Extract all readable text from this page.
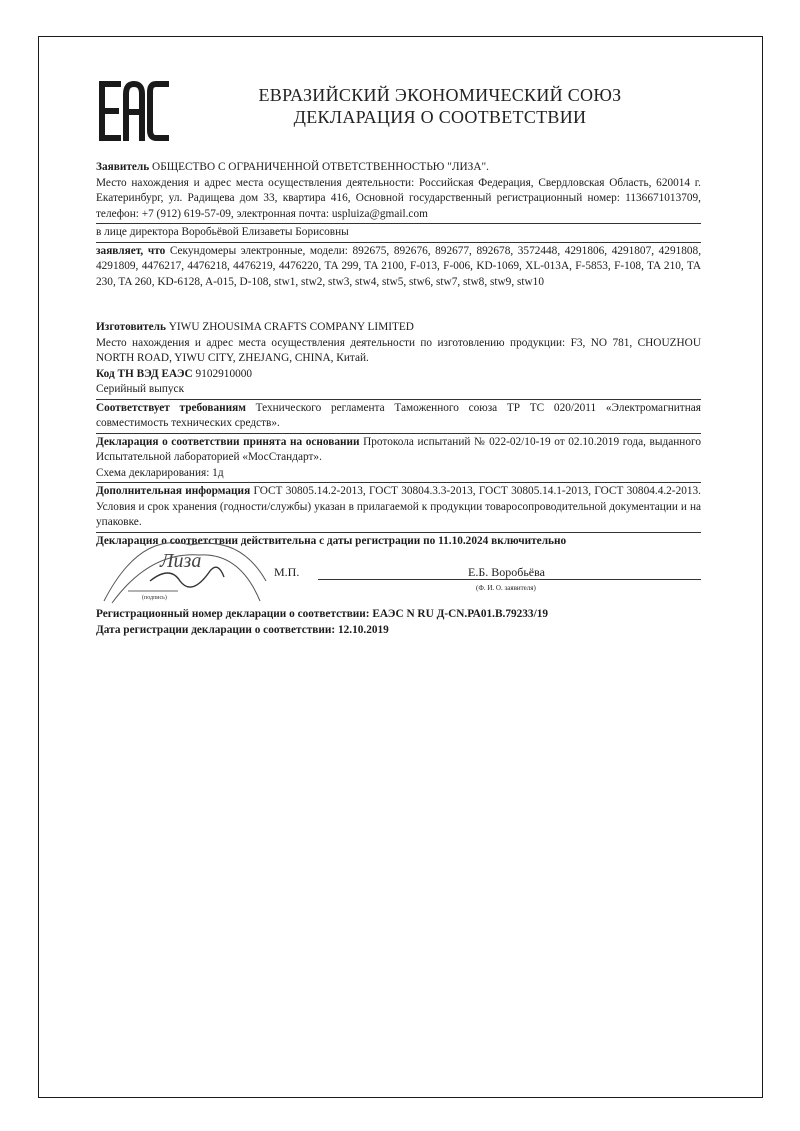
ЕВРАЗИЙСКИЙ ЭКОНОМИЧЕСКИЙ СОЮЗ
ДЕКЛАРАЦИЯ О СООТВЕТСТВИИ

Заявитель ОБЩЕСТВО С ОГРАНИЧЕННОЙ ОТВЕТСТВЕННОСТЬЮ "ЛИЗА".

Место нахождения и адрес места осуществления деятельности: Российская Федерация, Свердловская Область, 620014 г. Екатеринбург, ул. Радищева дом 33, квартира 416, Основной государственный регистрационный номер: 1136671013709, телефон: +7 (912) 619-57-09, электронная почта: uspluiza@gmail.com

в лице директора Воробьёвой Елизаветы Борисовны

заявляет, что Секундомеры электронные, модели: 892675, 892676, 892677, 892678, 3572448, 4291806, 4291807, 4291808, 4291809, 4476217, 4476218, 4476219, 4476220, TA 299, TA 2100, F-013, F-006, KD-1069, XL-013A, F-5853, F-108, TA 210, TA 230, TA 260, KD-6128, A-015, D-108, stw1, stw2, stw3, stw4, stw5, stw6, stw7, stw8, stw9, stw10

Изготовитель YIWU ZHOUSIMA CRAFTS COMPANY LIMITED

Место нахождения и адрес места осуществления деятельности по изготовлению продукции: F3, NO 781, CHOUZHOU NORTH ROAD, YIWU CITY, ZHEJANG, CHINA, Китай.

Код ТН ВЭД ЕАЭС 9102910000

Серийный выпуск

Соответствует требованиям Технического регламента Таможенного союза ТР ТС 020/2011 «Электромагнитная совместимость технических средств».

Декларация о соответствии принята на основании Протокола испытаний № 022-02/10-19 от 02.10.2019 года, выданного Испытательной лабораторией «МосСтандарт».

Схема декларирования: 1д

Дополнительная информация ГОСТ 30805.14.2-2013, ГОСТ 30804.3.3-2013, ГОСТ 30805.14.1-2013, ГОСТ 30804.4.2-2013. Условия и срок хранения (годности/службы) указан в прилагаемой к продукции товаросопроводительной документации и на упаковке.

Декларация о соответствии действительна с даты регистрации по 11.10.2024 включительно

Лиза
(подпись)
М.П.	Е.Б. Воробьёва
(Ф. И. О. заявителя)

Регистрационный номер декларации о соответствии: ЕАЭС N RU Д-CN.РА01.В.79233/19

Дата регистрации декларации о соответствии: 12.10.2019
